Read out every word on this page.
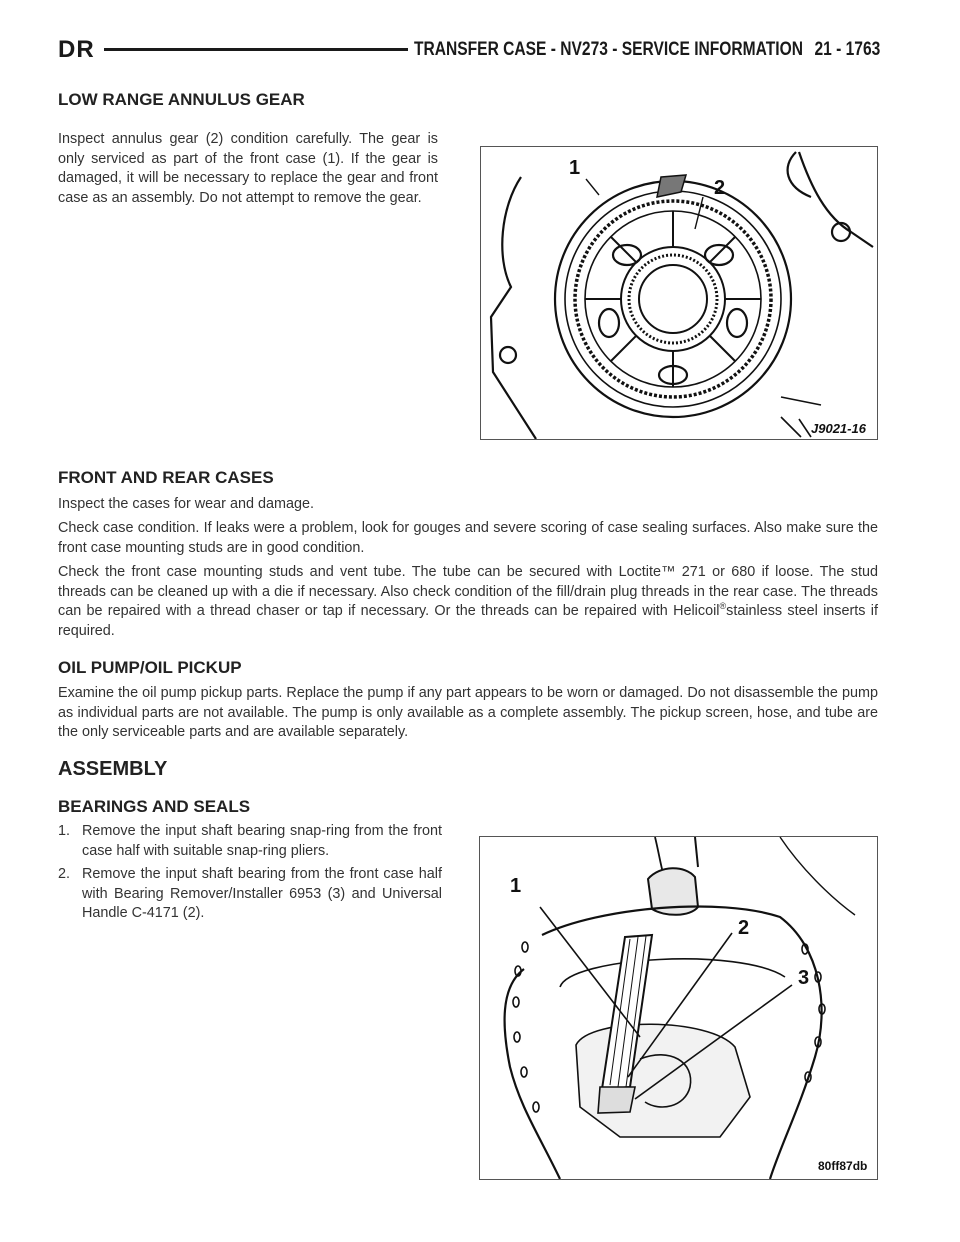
DR	TRANSFER CASE - NV273 - SERVICE INFORMATION 21 - 1763
LOW RANGE ANNULUS GEAR

Inspect annulus gear (2) condition carefully. The gear is only serviced as part of the front case (1). If the gear is damaged, it will be necessary to replace the gear and front case as an assembly. Do not attempt to remove the gear.

1
2
J9021-16
FRONT AND REAR CASES

Inspect the cases for wear and damage.

Check case condition. If leaks were a problem, look for gouges and severe scoring of case sealing surfaces. Also make sure the front case mounting studs are in good condition.

Check the front case mounting studs and vent tube. The tube can be secured with Loctite™ 271 or 680 if loose. The stud threads can be cleaned up with a die if necessary. Also check condition of the fill/drain plug threads in the rear case. The threads can be repaired with a thread chaser or tap if necessary. Or the threads can be repaired with Helicoil®stainless steel inserts if required.

OIL PUMP/OIL PICKUP

Examine the oil pump pickup parts. Replace the pump if any part appears to be worn or damaged. Do not disassemble the pump as individual parts are not available. The pump is only available as a complete assembly. The pickup screen, hose, and tube are the only serviceable parts and are available separately.

ASSEMBLY
BEARINGS AND SEALS
1. Remove the input shaft bearing snap-ring from the front case half with suitable snap-ring pliers.
2. Remove the input shaft bearing from the front case half with Bearing Remover/Installer 6953 (3) and Universal Handle C-4171 (2).
1
2
3
80ff87db
